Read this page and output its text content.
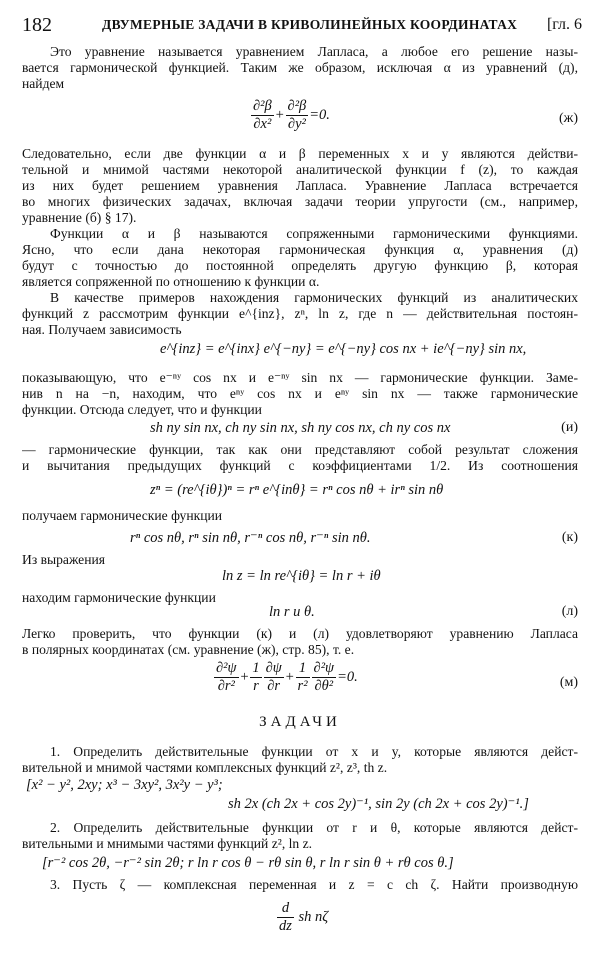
182	ДВУМЕРНЫЕ ЗАДАЧИ В КРИВОЛИНЕЙНЫХ КООРДИНАТАХ [гл. 6
Это уравнение называется уравнением Лапласа, а любое его решение назы-
вается гармонической функцией. Таким же образом, исключая α из уравнений (д),
найдем
$\frac{\text{∂²β}}{\text{∂x²}} + \frac{\text{∂²β}}{\text{∂y²}} =0$.	(ж)
Следовательно, если две функции α и β переменных x и y являются действи-
тельной и мнимой частями некоторой аналитической функции f (z), то каждая
из них будет решением уравнения Лапласа. Уравнение Лапласа встречается
во многих физических задачах, включая задачи теории упругости (см., например,
уравнение (б) § 17).
Функции α и β называются сопряженными гармоническими функциями.
Ясно, что если дана некоторая гармоническая функция α, уравнения (д)
будут с точностью до постоянной определять другую функцию β, которая
является сопряженной по отношению к функции α.
В качестве примеров нахождения гармонических функций из аналитических
функций z рассмотрим функции e^{inz}, zⁿ, ln z, где n — действительная постоян-
ная. Получаем зависимость
e^{inz} = e^{inx} e^{−ny} = e^{−ny} cos nx + ie^{−ny} sin nx,
показывающую, что e⁻ⁿʸ cos nx и e⁻ⁿʸ sin nx — гармонические функции. Заме-
нив n на −n, находим, что eⁿʸ cos nx и eⁿʸ sin nx — также гармонические
функции. Отсюда следует, что и функции
sh ny sin nx, ch ny sin nx, sh ny cos nx, ch ny cos nx	(и)
— гармонические функции, так как они представляют собой результат сложения
и вычитания предыдущих функций с коэффициентами 1/2. Из соотношения
zⁿ = (re^{iθ})ⁿ = rⁿ e^{inθ} = rⁿ cos nθ + irⁿ sin nθ
получаем гармонические функции
rⁿ cos nθ, rⁿ sin nθ, r⁻ⁿ cos nθ, r⁻ⁿ sin nθ.	(к)
Из выражения
ln z = ln re^{iθ} = ln r + iθ
находим гармонические функции
ln r и θ.	(л)
Легко проверить, что функции (к) и (л) удовлетворяют уравнению Лапласа
в полярных координатах (см. уравнение (ж), стр. 85), т. е.
$\frac{\text{∂²ψ}}{\text{∂r²}} + \frac{1}{r} \frac{\partial\psi}{\partial r} + \frac{1}{\text{r²}} \frac{\text{∂²ψ}}{\text{∂θ²}} =0$.	(м)
ЗАДАЧИ
1. Определить действительные функции от x и y, которые являются дейст-
вительной и мнимой частями комплексных функций z², z³, th z.
[x² − y², 2xy; x³ − 3xy², 3x²y − y³;
sh 2x (ch 2x + cos 2y)⁻¹, sin 2y (ch 2x + cos 2y)⁻¹.]
2. Определить действительные функции от r и θ, которые являются дейст-
вительными и мнимыми частями функций z², ln z.
[r⁻² cos 2θ, −r⁻² sin 2θ; r ln r cos θ − rθ sin θ, r ln r sin θ + rθ cos θ.]
3. Пусть ζ — комплексная переменная и z = c ch ζ. Найти производную
$\frac{d}{dz}$ sh nζ
